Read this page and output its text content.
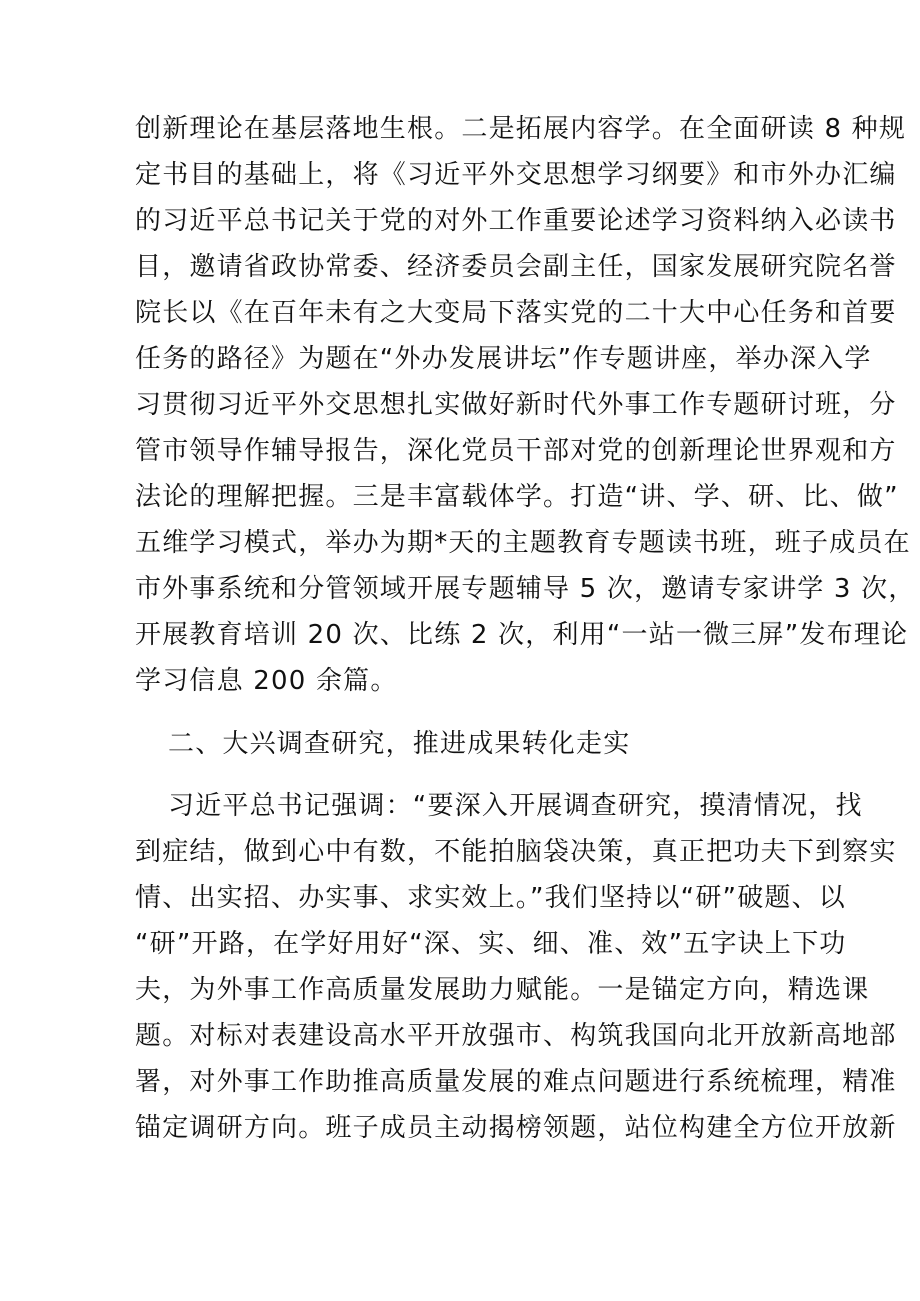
创新理论在基层落地生根。二是拓展内容学。在全面研读 8 种规
定书目的基础上，将《习近平外交思想学习纲要》和市外办汇编
的习近平总书记关于党的对外工作重要论述学习资料纳入必读书
目，邀请省政协常委、经济委员会副主任，国家发展研究院名誉
院长以《在百年未有之大变局下落实党的二十大中心任务和首要
任务的路径》为题在“外办发展讲坛”作专题讲座，举办深入学
习贯彻习近平外交思想扎实做好新时代外事工作专题研讨班，分
管市领导作辅导报告，深化党员干部对党的创新理论世界观和方
法论的理解把握。三是丰富载体学。打造“讲、学、研、比、做”
五维学习模式，举办为期*天的主题教育专题读书班，班子成员在
市外事系统和分管领域开展专题辅导 5 次，邀请专家讲学 3 次，
开展教育培训 20 次、比练 2 次，利用“一站一微三屏”发布理论
学习信息 200 余篇。
二、大兴调查研究，推进成果转化走实
习近平总书记强调：“要深入开展调查研究，摸清情况，找
到症结，做到心中有数，不能拍脑袋决策，真正把功夫下到察实
情、出实招、办实事、求实效上。”我们坚持以“研”破题、以
“研”开路，在学好用好“深、实、细、准、效”五字诀上下功
夫，为外事工作高质量发展助力赋能。一是锚定方向，精选课
题。对标对表建设高水平开放强市、构筑我国向北开放新高地部
署，对外事工作助推高质量发展的难点问题进行系统梳理，精准
锚定调研方向。班子成员主动揭榜领题，站位构建全方位开放新
